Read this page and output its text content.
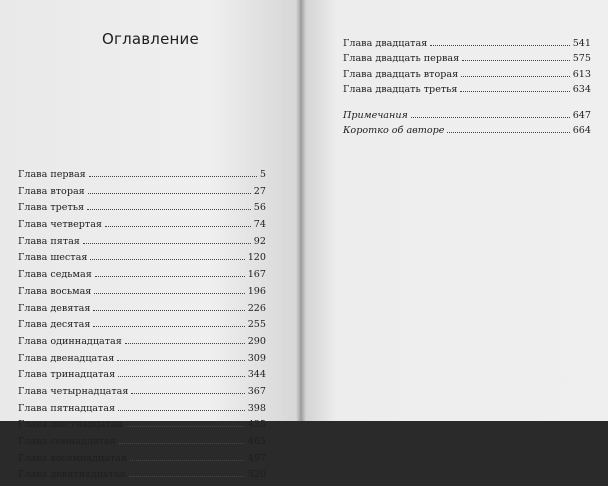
Оглавление
Глава первая	5
Глава вторая	27
Глава третья	56
Глава четвертая	74
Глава пятая	92
Глава шестая	120
Глава седьмая	167
Глава восьмая	196
Глава девятая	226
Глава десятая	255
Глава одиннадцатая	290
Глава двенадцатая	309
Глава тринадцатая	344
Глава четырнадцатая	367
Глава пятнадцатая	398
Глава шестнадцатая	435
Глава семнадцатая	465
Глава восемнадцатая	497
Глава девятнадцатая	520
Глава двадцатая	541
Глава двадцать первая	575
Глава двадцать вторая	613
Глава двадцать третья	634
Примечания	647
Коротко об авторе	664
